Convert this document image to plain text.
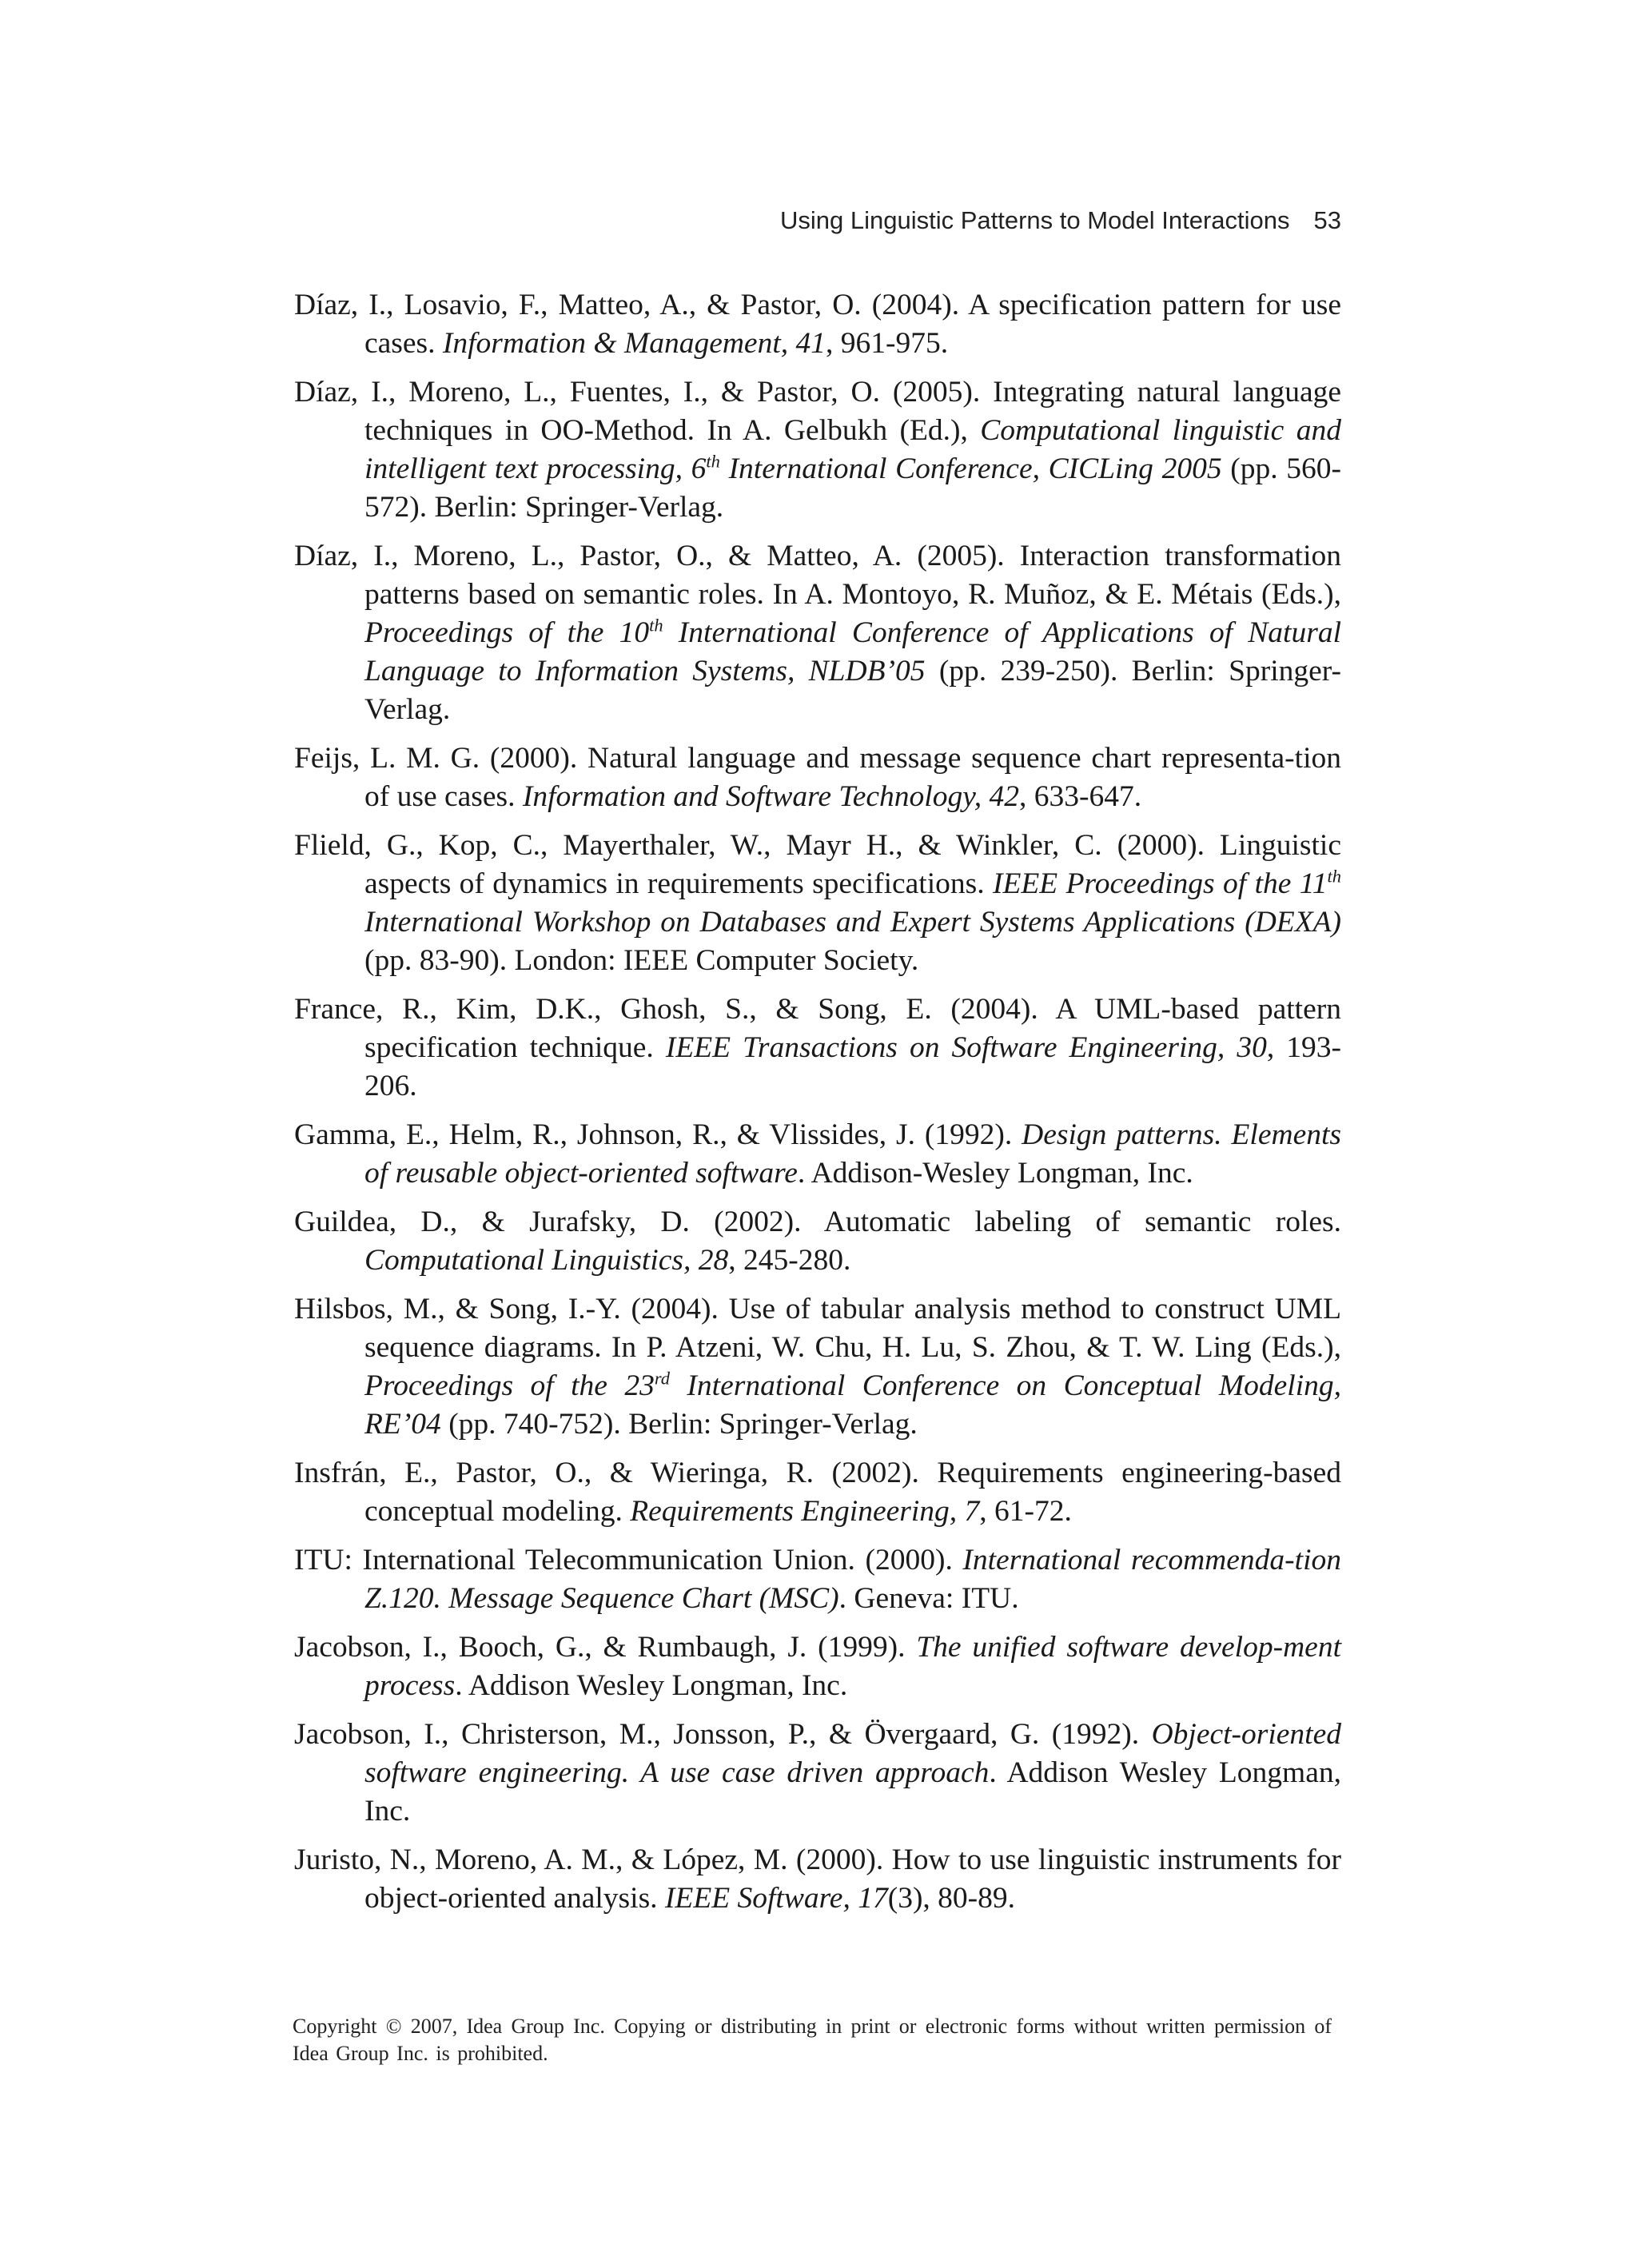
Using Linguistic Patterns to Model Interactions 53
Díaz, I., Losavio, F., Matteo, A., & Pastor, O. (2004). A specification pattern for use cases. Information & Management, 41, 961-975.
Díaz, I., Moreno, L., Fuentes, I., & Pastor, O. (2005). Integrating natural language techniques in OO-Method. In A. Gelbukh (Ed.), Computational linguistic and intelligent text processing, 6th International Conference, CICLing 2005 (pp. 560-572). Berlin: Springer-Verlag.
Díaz, I., Moreno, L., Pastor, O., & Matteo, A. (2005). Interaction transformation patterns based on semantic roles. In A. Montoyo, R. Muñoz, & E. Métais (Eds.), Proceedings of the 10th International Conference of Applications of Natural Language to Information Systems, NLDB’05 (pp. 239-250). Berlin: Springer-Verlag.
Feijs, L. M. G. (2000). Natural language and message sequence chart representa-tion of use cases. Information and Software Technology, 42, 633-647.
Flield, G., Kop, C., Mayerthaler, W., Mayr H., & Winkler, C. (2000). Linguistic aspects of dynamics in requirements specifications. IEEE Proceedings of the 11th International Workshop on Databases and Expert Systems Applications (DEXA) (pp. 83-90). London: IEEE Computer Society.
France, R., Kim, D.K., Ghosh, S., & Song, E. (2004). A UML-based pattern specification technique. IEEE Transactions on Software Engineering, 30, 193-206.
Gamma, E., Helm, R., Johnson, R., & Vlissides, J. (1992). Design patterns. Elements of reusable object-oriented software. Addison-Wesley Longman, Inc.
Guildea, D., & Jurafsky, D. (2002). Automatic labeling of semantic roles. Computational Linguistics, 28, 245-280.
Hilsbos, M., & Song, I.-Y. (2004). Use of tabular analysis method to construct UML sequence diagrams. In P. Atzeni, W. Chu, H. Lu, S. Zhou, & T. W. Ling (Eds.), Proceedings of the 23rd International Conference on Conceptual Modeling, RE’04 (pp. 740-752). Berlin: Springer-Verlag.
Insfrán, E., Pastor, O., & Wieringa, R. (2002). Requirements engineering-based conceptual modeling. Requirements Engineering, 7, 61-72.
ITU: International Telecommunication Union. (2000). International recommenda-tion Z.120. Message Sequence Chart (MSC). Geneva: ITU.
Jacobson, I., Booch, G., & Rumbaugh, J. (1999). The unified software develop-ment process. Addison Wesley Longman, Inc.
Jacobson, I., Christerson, M., Jonsson, P., & Övergaard, G. (1992). Object-oriented software engineering. A use case driven approach. Addison Wesley Longman, Inc.
Juristo, N., Moreno, A. M., & López, M. (2000). How to use linguistic instruments for object-oriented analysis. IEEE Software, 17(3), 80-89.
Copyright © 2007, Idea Group Inc. Copying or distributing in print or electronic forms without written permission of Idea Group Inc. is prohibited.
